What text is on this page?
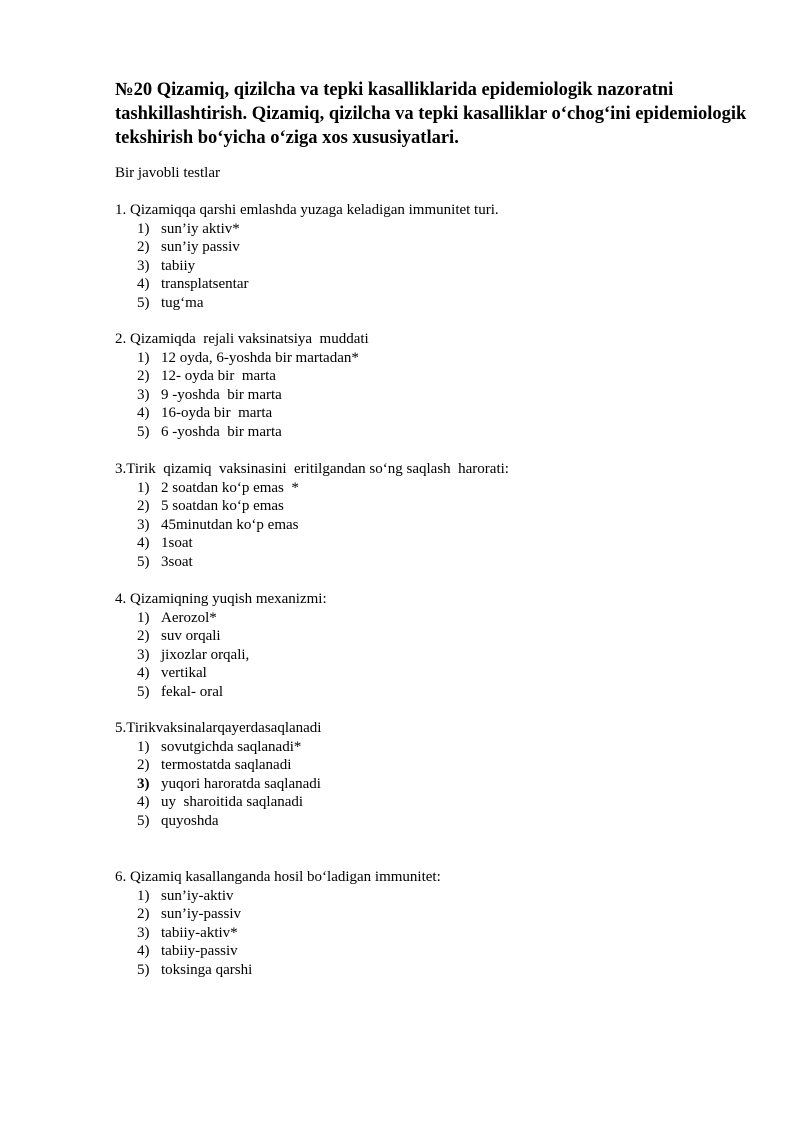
№20 Qizamiq, qizilcha va tepki kasalliklarida epidemiologik nazoratni tashkillashtirish. Qizamiq, qizilcha va tepki kasalliklar o‘chog‘ini epidemiologik tekshirish bo‘yicha o‘ziga xos xususiyatlari.

Bir javobli testlar

1. Qizamiqqa qarshi emlashda yuzaga keladigan immunitet turi.

1) sun’iy aktiv*
2) sun’iy passiv
3) tabiiy
4) transplatsentar
5) tug‘ma

2. Qizamiqda  rejali vaksinatsiya  muddati

1) 12 oyda, 6-yoshda bir martadan*
2) 12- oyda bir  marta
3) 9 -yoshda  bir marta
4) 16-oyda bir  marta
5) 6 -yoshda  bir marta

3.Tirik  qizamiq  vaksinasini  eritilgandan so‘ng saqlash  harorati:

1) 2 soatdan ko‘p emas  *
2) 5 soatdan ko‘p emas
3) 45minutdan ko‘p emas
4) 1soat
5) 3soat

4. Qizamiqning yuqish mexanizmi:

1) Aerozol*
2) suv orqali
3) jixozlar orqali,
4) vertikal
5) fekal- oral

5.Tirikvaksinalarqayerdasaqlanadi

1) sovutgichda saqlanadi*
2) termostatda saqlanadi
3) yuqori haroratda saqlanadi
4) uy  sharoitida saqlanadi
5) quyoshda

6. Qizamiq kasallanganda hosil bo‘ladigan immunitet:

1) sun’iy-aktiv
2) sun’iy-passiv
3) tabiiy-aktiv*
4) tabiiy-passiv
5) toksinga qarshi
